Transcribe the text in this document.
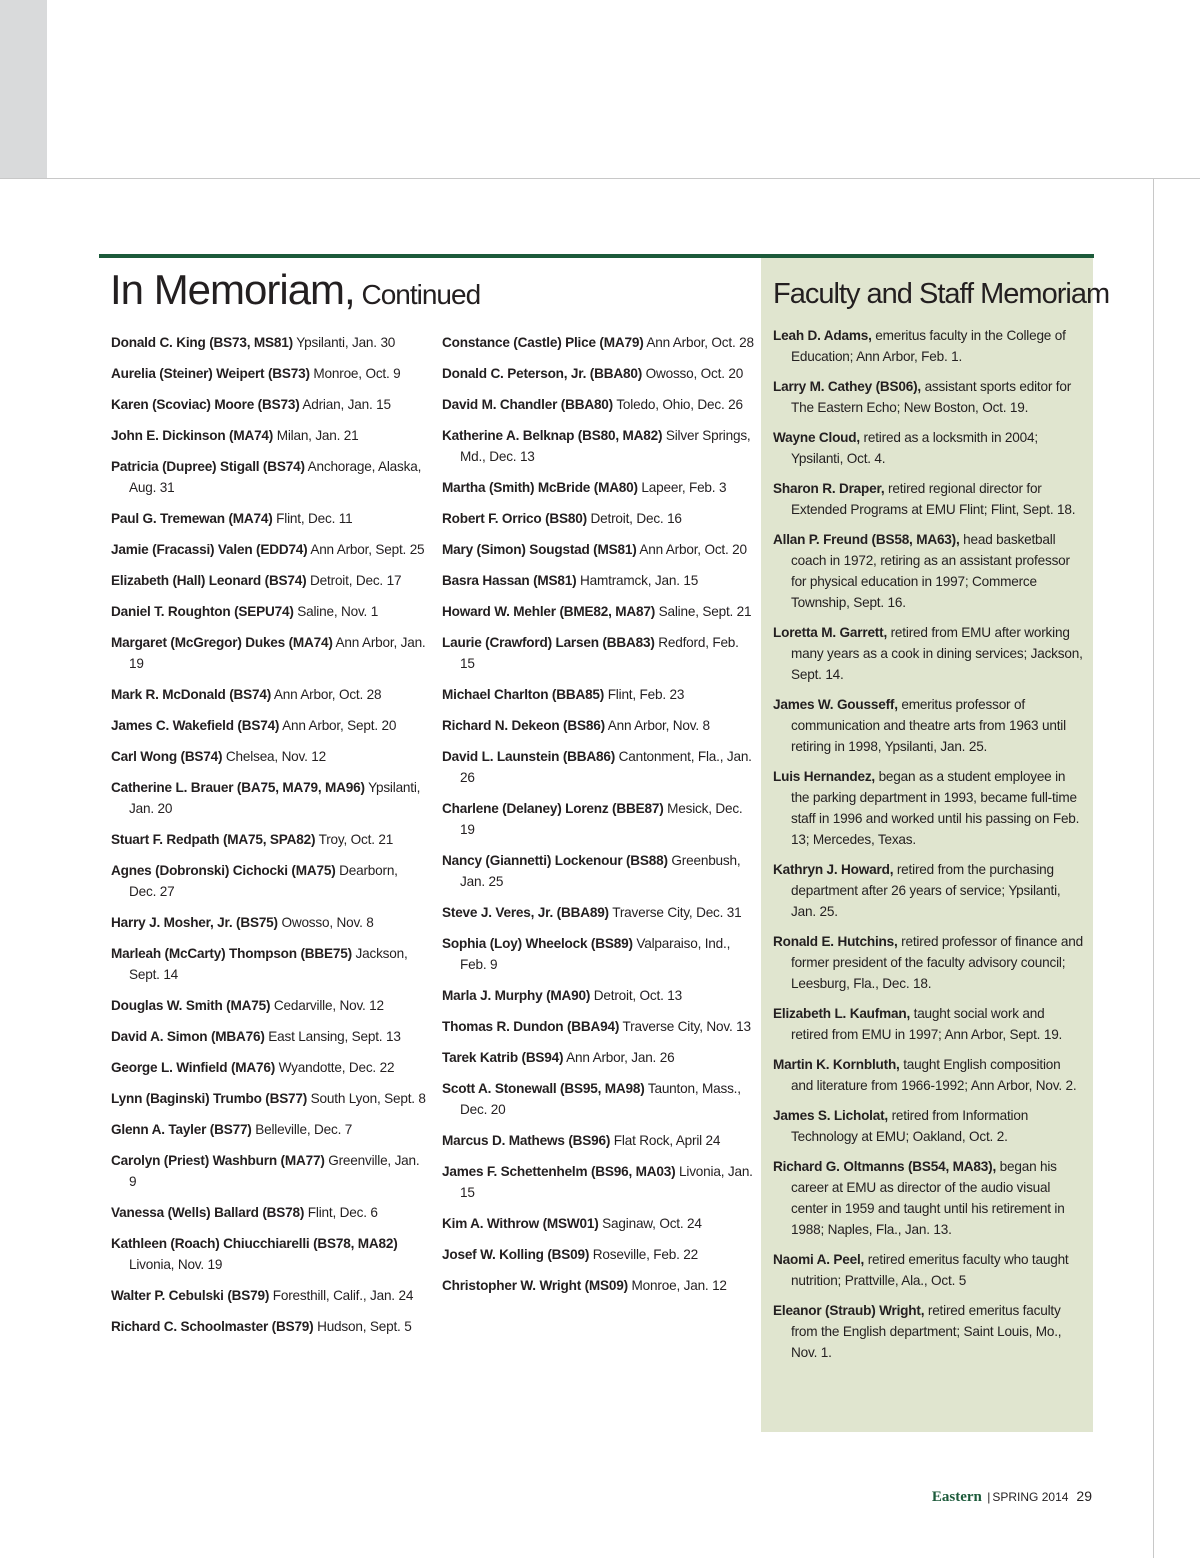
In Memoriam, Continued

Donald C. King (BS73, MS81) Ypsilanti, Jan. 30

Aurelia (Steiner) Weipert (BS73) Monroe, Oct. 9

Karen (Scoviac) Moore (BS73) Adrian, Jan. 15

John E. Dickinson (MA74) Milan, Jan. 21

Patricia (Dupree) Stigall (BS74) Anchorage, Alaska, Aug. 31

Paul G. Tremewan (MA74) Flint, Dec. 11

Jamie (Fracassi) Valen (EDD74) Ann Arbor, Sept. 25

Elizabeth (Hall) Leonard (BS74) Detroit, Dec. 17

Daniel T. Roughton (SEPU74) Saline, Nov. 1

Margaret (McGregor) Dukes (MA74) Ann Arbor, Jan. 19

Mark R. McDonald (BS74) Ann Arbor, Oct. 28

James C. Wakefield (BS74) Ann Arbor, Sept. 20

Carl Wong (BS74) Chelsea, Nov. 12

Catherine L. Brauer (BA75, MA79, MA96) Ypsilanti, Jan. 20

Stuart F. Redpath (MA75, SPA82) Troy, Oct. 21

Agnes (Dobronski) Cichocki (MA75) Dearborn, Dec. 27

Harry J. Mosher, Jr. (BS75) Owosso, Nov. 8

Marleah (McCarty) Thompson (BBE75) Jackson, Sept. 14

Douglas W. Smith (MA75) Cedarville, Nov. 12

David A. Simon (MBA76) East Lansing, Sept. 13

George L. Winfield (MA76) Wyandotte, Dec. 22

Lynn (Baginski) Trumbo (BS77) South Lyon, Sept. 8

Glenn A. Tayler (BS77) Belleville, Dec. 7

Carolyn (Priest) Washburn (MA77) Greenville, Jan. 9

Vanessa (Wells) Ballard (BS78) Flint, Dec. 6

Kathleen (Roach) Chiucchiarelli (BS78, MA82) Livonia, Nov. 19

Walter P. Cebulski (BS79) Foresthill, Calif., Jan. 24

Richard C. Schoolmaster (BS79) Hudson, Sept. 5

Constance (Castle) Plice (MA79) Ann Arbor, Oct. 28

Donald C. Peterson, Jr. (BBA80) Owosso, Oct. 20

David M. Chandler (BBA80) Toledo, Ohio, Dec. 26

Katherine A. Belknap (BS80, MA82) Silver Springs, Md., Dec. 13

Martha (Smith) McBride (MA80) Lapeer, Feb. 3

Robert F. Orrico (BS80) Detroit, Dec. 16

Mary (Simon) Sougstad (MS81) Ann Arbor, Oct. 20

Basra Hassan (MS81) Hamtramck, Jan. 15

Howard W. Mehler (BME82, MA87) Saline, Sept. 21

Laurie (Crawford) Larsen (BBA83) Redford, Feb. 15

Michael Charlton (BBA85) Flint, Feb. 23

Richard N. Dekeon (BS86) Ann Arbor, Nov. 8

David L. Launstein (BBA86) Cantonment, Fla., Jan. 26

Charlene (Delaney) Lorenz (BBE87) Mesick, Dec. 19

Nancy (Giannetti) Lockenour (BS88) Greenbush, Jan. 25

Steve J. Veres, Jr. (BBA89) Traverse City, Dec. 31

Sophia (Loy) Wheelock (BS89) Valparaiso, Ind., Feb. 9

Marla J. Murphy (MA90) Detroit, Oct. 13

Thomas R. Dundon (BBA94) Traverse City, Nov. 13

Tarek Katrib (BS94) Ann Arbor, Jan. 26

Scott A. Stonewall (BS95, MA98) Taunton, Mass., Dec. 20

Marcus D. Mathews (BS96) Flat Rock, April 24

James F. Schettenhelm (BS96, MA03) Livonia, Jan. 15

Kim A. Withrow (MSW01) Saginaw, Oct. 24

Josef W. Kolling (BS09) Roseville, Feb. 22

Christopher W. Wright (MS09) Monroe, Jan. 12

Faculty and Staff Memoriam

Leah D. Adams, emeritus faculty in the College of Education; Ann Arbor, Feb. 1.

Larry M. Cathey (BS06), assistant sports editor for The Eastern Echo; New Boston, Oct. 19.

Wayne Cloud, retired as a locksmith in 2004; Ypsilanti, Oct. 4.

Sharon R. Draper, retired regional director for Extended Programs at EMU Flint; Flint, Sept. 18.

Allan P. Freund (BS58, MA63), head basketball coach in 1972, retiring as an assistant professor for physical education in 1997; Commerce Township, Sept. 16.

Loretta M. Garrett, retired from EMU after working many years as a cook in dining services; Jackson, Sept. 14.

James W. Gousseff, emeritus professor of communication and theatre arts from 1963 until retiring in 1998, Ypsilanti, Jan. 25.

Luis Hernandez, began as a student employee in the parking department in 1993, became full-time staff in 1996 and worked until his passing on Feb. 13; Mercedes, Texas.

Kathryn J. Howard, retired from the purchasing department after 26 years of service; Ypsilanti, Jan. 25.

Ronald E. Hutchins, retired professor of finance and former president of the faculty advisory council; Leesburg, Fla., Dec. 18.

Elizabeth L. Kaufman, taught social work and retired from EMU in 1997; Ann Arbor, Sept. 19.

Martin K. Kornbluth, taught English composition and literature from 1966-1992; Ann Arbor, Nov. 2.

James S. Licholat, retired from Information Technology at EMU; Oakland, Oct. 2.

Richard G. Oltmanns (BS54, MA83), began his career at EMU as director of the audio visual center in 1959 and taught until his retirement in 1988; Naples, Fla., Jan. 13.

Naomi A. Peel, retired emeritus faculty who taught nutrition; Prattville, Ala., Oct. 5

Eleanor (Straub) Wright, retired emeritus faculty from the English department; Saint Louis, Mo., Nov. 1.

Eastern | SPRING 2014 29
